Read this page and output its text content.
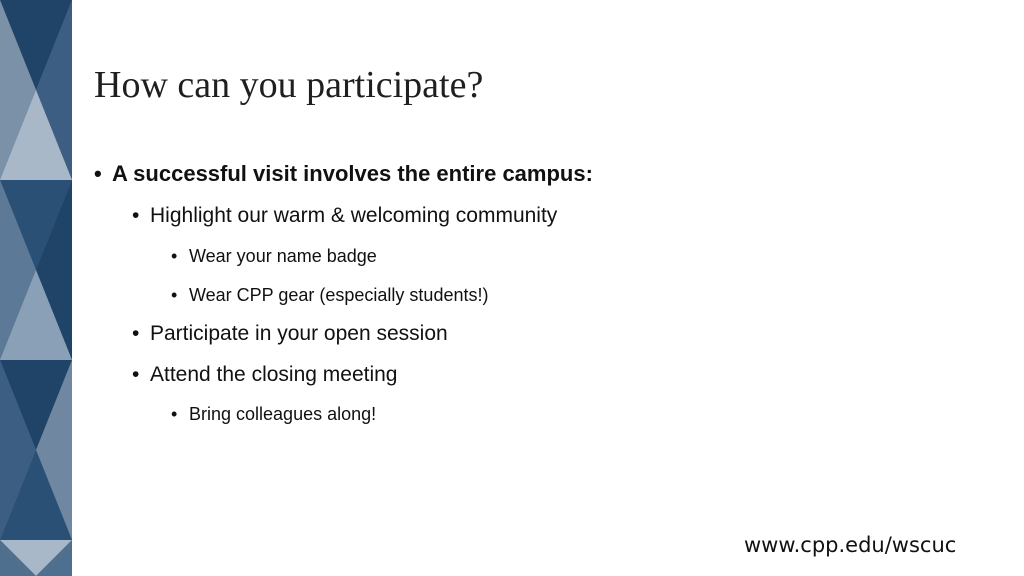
How can you participate?
• A successful visit involves the entire campus:
• Highlight our warm & welcoming community
• Wear your name badge
• Wear CPP gear (especially students!)
• Participate in your open session
• Attend the closing meeting
• Bring colleagues along!
www.cpp.edu/wscuc
